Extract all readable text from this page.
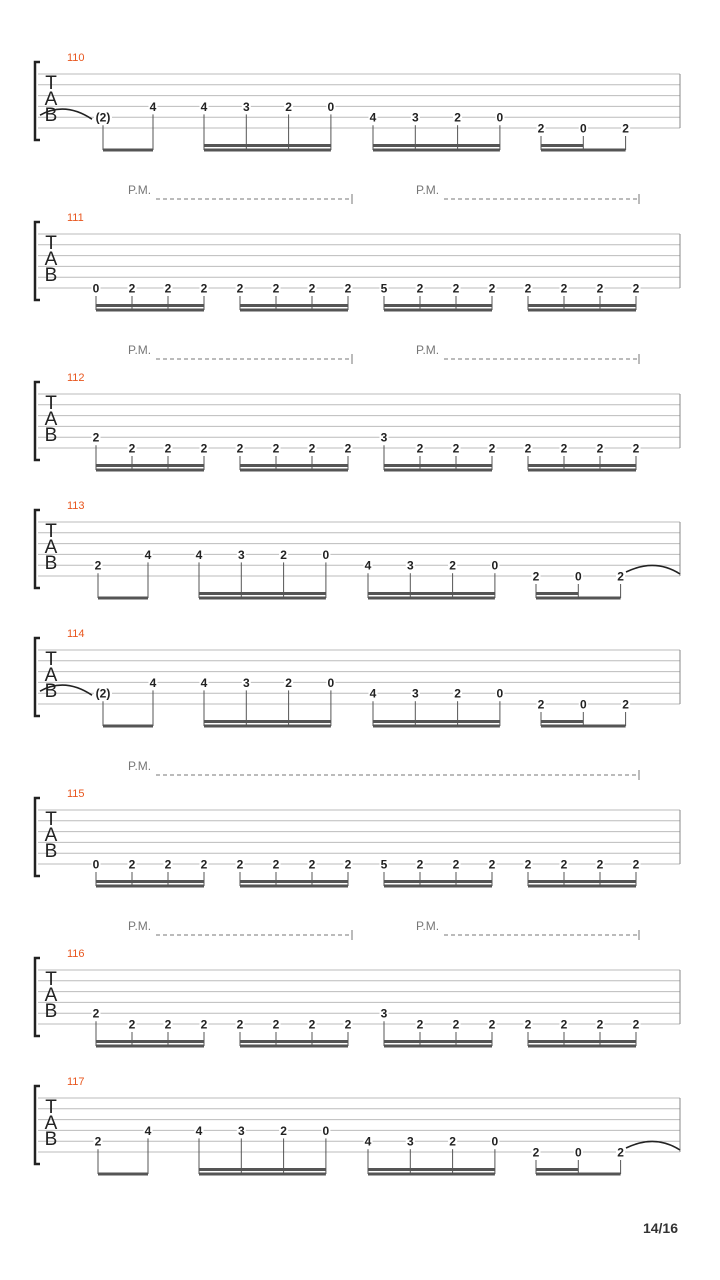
T
A
B
110
(2)
4	4	3	2	0
4	3	2	0
2	0	2
T
A
B
111
P.M.	P.M.
0 2 2 2 2 2 2 2 5 2 2 2 2 2 2 2
T
A
B
112
P.M.	P.M.
2
2 2 2 2 2 2 2
3
2 2 2 2 2 2 2
T
A
B
113
2
4	4	3	2	0
4	3	2	0
2	0	2
T
A
B
114
(2)
4	4	3	2	0
4	3	2	0
2	0	2
T
A
B
115
P.M.
0 2 2 2 2 2 2 2 5 2 2 2 2 2 2 2
T
A
B
116
P.M.	P.M.
2
2 2 2 2 2 2 2
3
2 2 2 2 2 2 2
T
A
B
117
2
4	4	3	2	0
4	3	2	0
2	0	2
14/16
